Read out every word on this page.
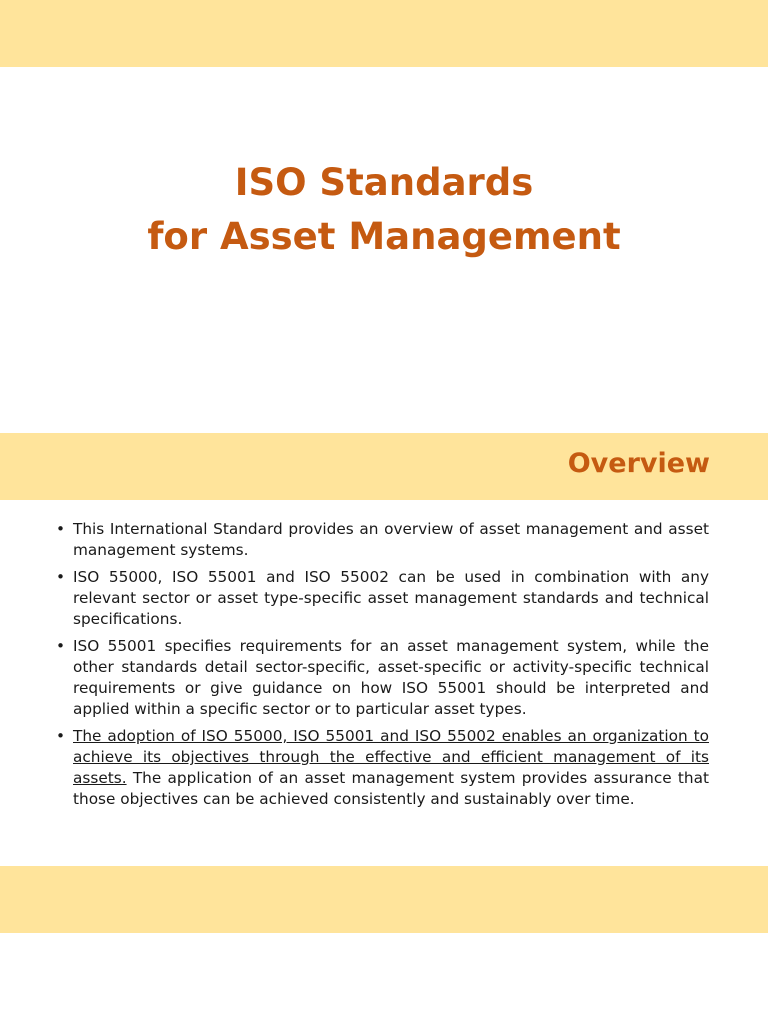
ISO Standards
for Asset Management
Overview
• This International Standard provides an overview of asset management and asset management systems.
• ISO 55000, ISO 55001 and ISO 55002 can be used in combination with any relevant sector or asset type-specific asset management standards and technical specifications.
• ISO 55001 specifies requirements for an asset management system, while the other standards detail sector-specific, asset-specific or activity-specific technical requirements or give guidance on how ISO 55001 should be interpreted and applied within a specific sector or to particular asset types.
• The adoption of ISO 55000, ISO 55001 and ISO 55002 enables an organization to achieve its objectives through the effective and efficient management of its assets. The application of an asset management system provides assurance that those objectives can be achieved consistently and sustainably over time.
